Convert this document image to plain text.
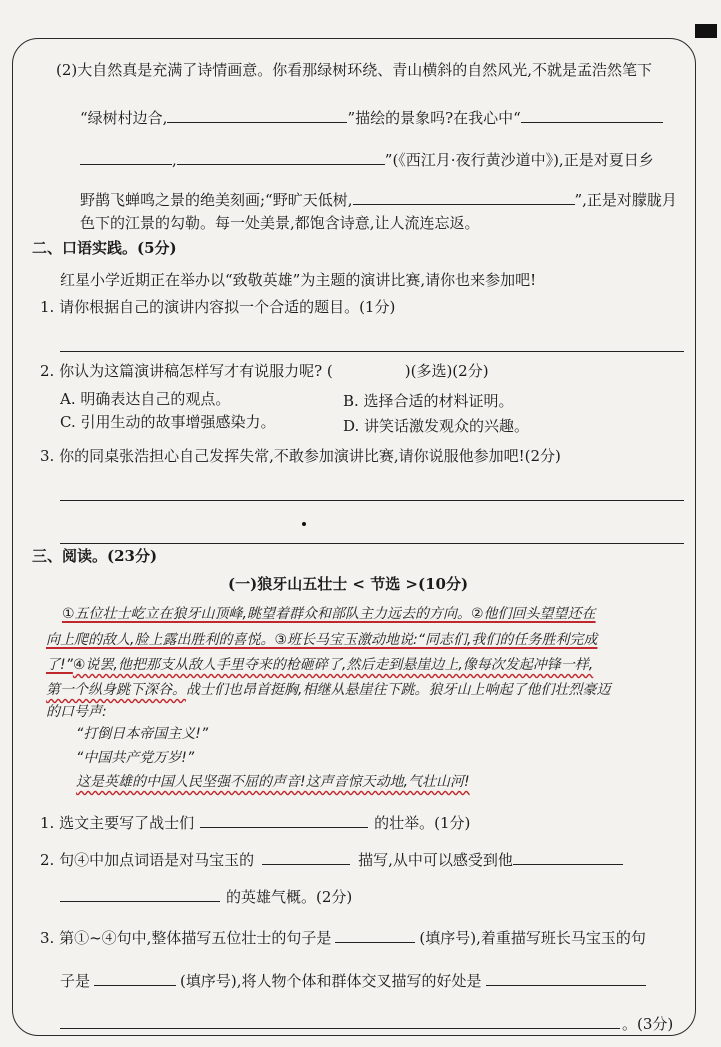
(2)大自然真是充满了诗情画意。你看那绿树环绕、青山横斜的自然风光,不就是孟浩然笔下
“绿树村边合,	”描绘的景象吗?在我心中“
,	”(《西江月·夜行黄沙道中》),正是对夏日乡
野鹊飞蝉鸣之景的绝美刻画;“野旷天低树,	”,正是对朦胧月
色下的江景的勾勒。每一处美景,都饱含诗意,让人流连忘返。
二、口语实践。(5分)
红星小学近期正在举办以“致敬英雄”为主题的演讲比赛,请你也来参加吧!
1. 请你根据自己的演讲内容拟一个合适的题目。(1分)
2. 你认为这篇演讲稿怎样写才有说服力呢? (	)(多选)(2分)
A. 明确表达自己的观点。	B. 选择合适的材料证明。
C. 引用生动的故事增强感染力。	D. 讲笑话激发观众的兴趣。
3. 你的同桌张浩担心自己发挥失常,不敢参加演讲比赛,请你说服他参加吧!(2分)
三、阅读。(23分)
(一)狼牙山五壮士 < 节选 >(10分)
①五位壮士屹立在狼牙山顶峰,眺望着群众和部队主力远去的方向。②他们回头望望还在
向上爬的敌人,脸上露出胜利的喜悦。③班长马宝玉激动地说:“同志们,我们的任务胜利完成
了!”④说罢,他把那支从敌人手里夺来的枪砸碎了,然后走到悬崖边上,像每次发起冲锋一样,
第一个纵身跳下深谷。战士们也昂首挺胸,相继从悬崖往下跳。狼牙山上响起了他们壮烈豪迈
的口号声:
“打倒日本帝国主义!”
“中国共产党万岁!”
这是英雄的中国人民坚强不屈的声音!这声音惊天动地,气壮山河!
1. 选文主要写了战士们	的壮举。(1分)
2. 句④中加点词语是对马宝玉的	描写,从中可以感受到他
的英雄气概。(2分)
3. 第①~④句中,整体描写五位壮士的句子是	(填序号),着重描写班长马宝玉的句
子是	(填序号),将人物个体和群体交叉描写的好处是
。(3分)
